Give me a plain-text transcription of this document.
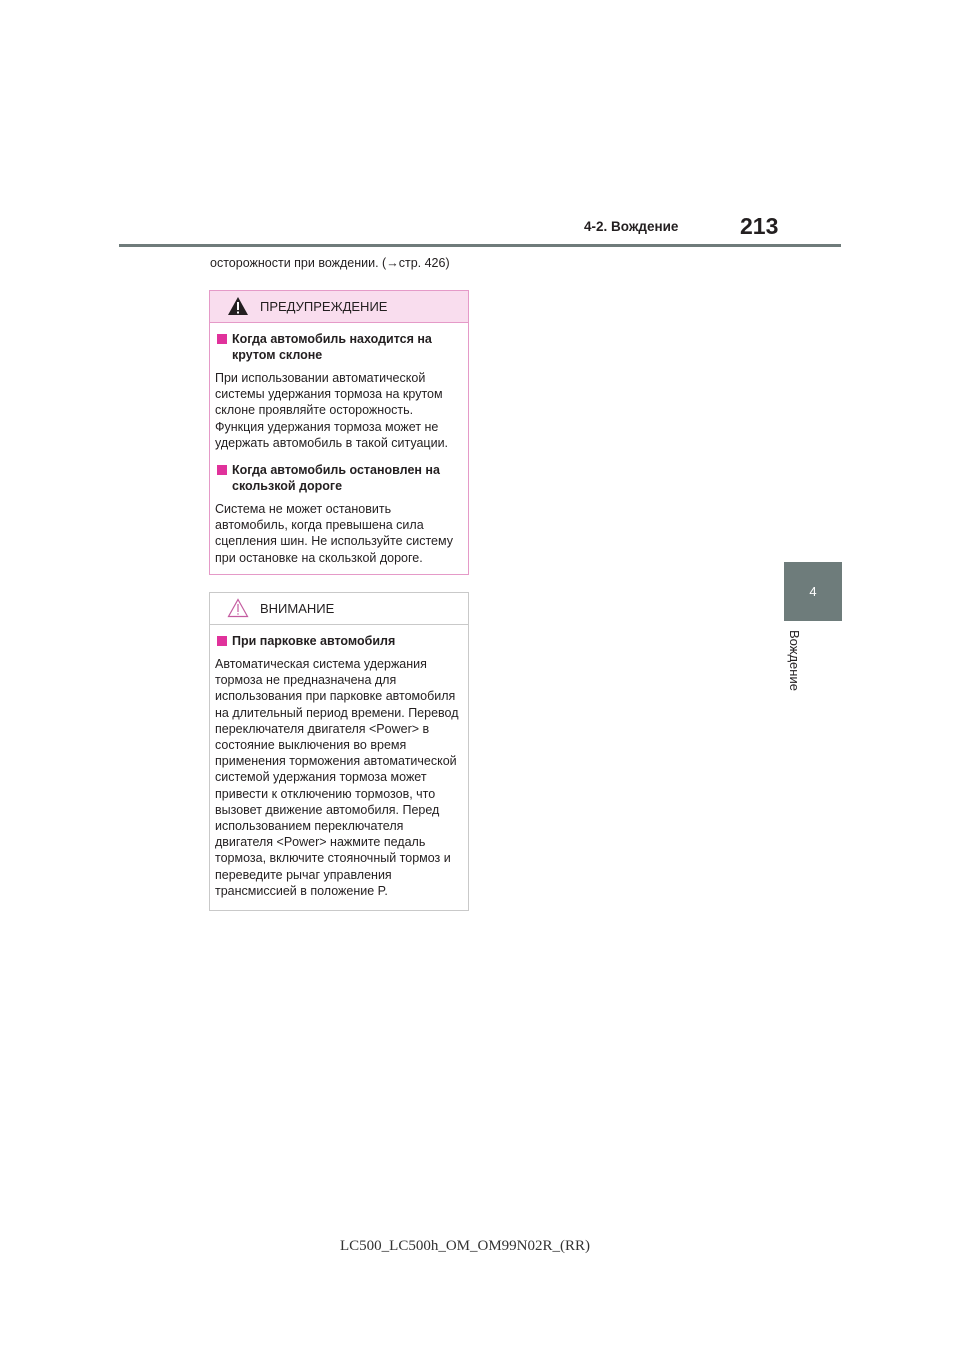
4-2. Вождение	213
осторожности при вождении. (→стр. 426)
4
Вождение
ПРЕДУПРЕЖДЕНИЕ
Когда автомобиль находится на крутом склоне
При использовании автоматической системы удержания тормоза на крутом склоне проявляйте осторожность. Функция удержания тормоза может не удержать автомобиль в такой ситуации.
Когда автомобиль остановлен на скользкой дороге
Система не может остановить автомобиль, когда превышена сила сцепления шин. Не используйте систему при остановке на скользкой дороге.
ВНИМАНИЕ
При парковке автомобиля
Автоматическая система удержания тормоза не предназначена для использования при парковке автомобиля на длительный период времени. Перевод переключателя двигателя <Power> в состояние выключения во время применения торможения автоматической системой удержания тормоза может привести к отключению тормозов, что вызовет движение автомобиля. Перед использованием переключателя двигателя <Power> нажмите педаль тормоза, включите стояночный тормоз и переведите рычаг управления трансмиссией в положение P.
LC500_LC500h_OM_OM99N02R_(RR)
